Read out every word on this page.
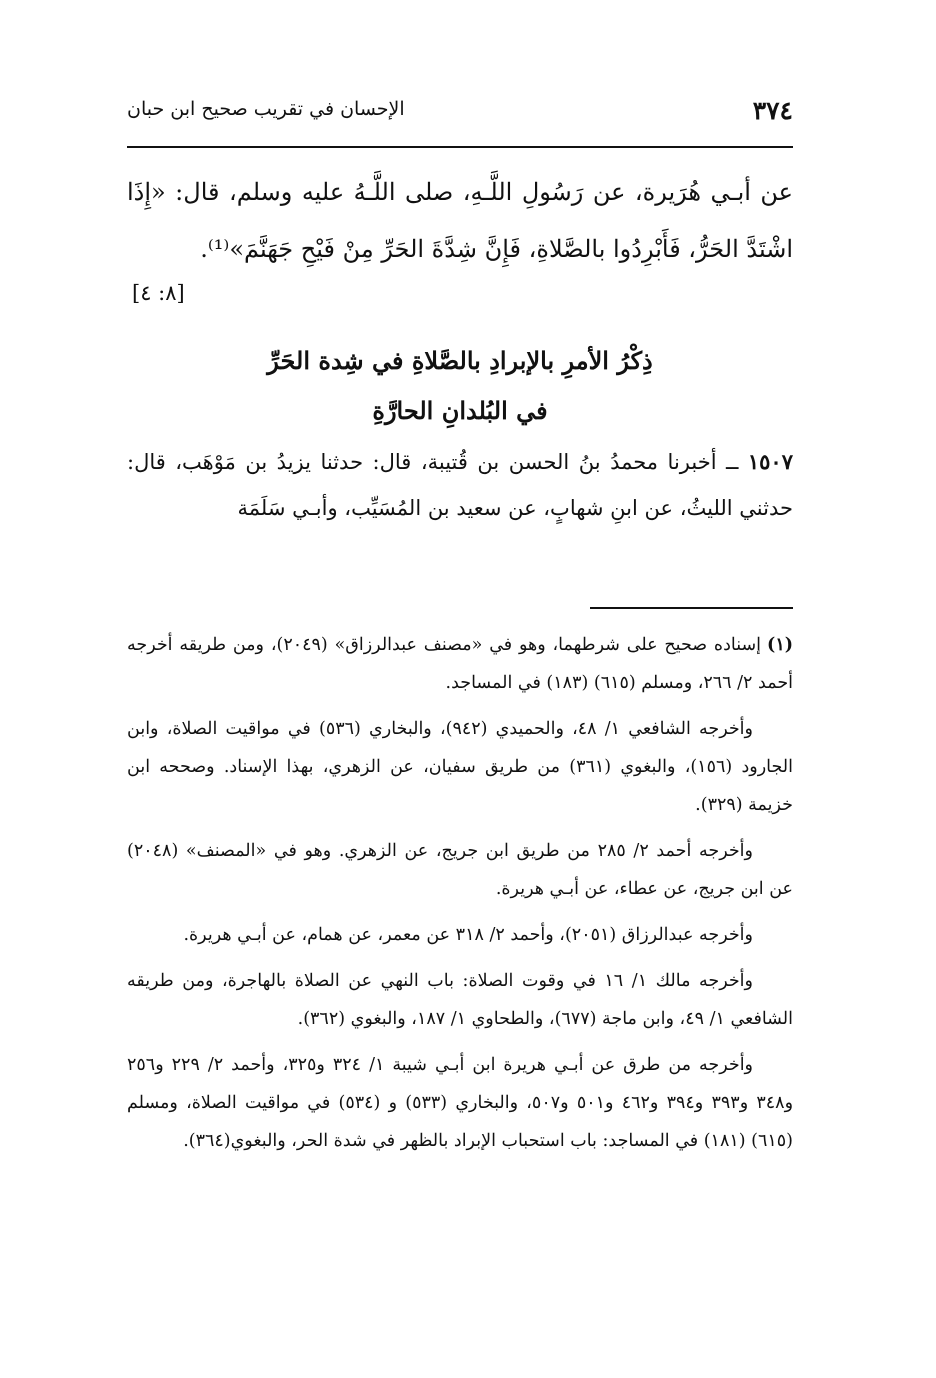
٣٧٤
الإحسان في تقريب صحيح ابن حبان
عن أبـي هُرَيرة، عن رَسُولِ اللَّـهِ، صلى اللَّـهُ عليه وسلم، قال: «إِذَا اشْتَدَّ الحَرُّ، فَأَبْرِدُوا بالصَّلاةِ، فَإِنَّ شِدَّةَ الحَرِّ مِنْ فَيْحِ جَهَنَّمَ»⁽¹⁾.
[٨: ٤]
ذِكْرُ الأمرِ بالإبرادِ بالصَّلاةِ في شِدة الحَرِّ
في البُلدانِ الحارَّةِ
١٥٠٧ ــ أخبرنا محمدُ بنُ الحسن بن قُتيبة، قال: حدثنا يزيدُ بن مَوْهَب، قال: حدثني الليثُ، عن ابنِ شهابٍ، عن سعيد بن المُسَيِّب، وأبـي سَلَمَة

(١)إسناده صحيح على شرطهما، وهو في «مصنف عبدالرزاق» (٢٠٤٩)، ومن طريقه أخرجه أحمد ٢/ ٢٦٦، ومسلم (٦١٥) (١٨٣) في المساجد.

وأخرجه الشافعي ١/ ٤٨، والحميدي (٩٤٢)، والبخاري (٥٣٦) في مواقيت الصلاة، وابن الجارود (١٥٦)، والبغوي (٣٦١) من طريق سفيان، عن الزهري، بهذا الإسناد. وصححه ابن خزيمة (٣٢٩).

وأخرجه أحمد ٢/ ٢٨٥ من طريق ابن جريج، عن الزهري. وهو في «المصنف» (٢٠٤٨) عن ابن جريج، عن عطاء، عن أبـي هريرة.

وأخرجه عبدالرزاق (٢٠٥١)، وأحمد ٢/ ٣١٨ عن معمر، عن همام، عن أبـي هريرة.

وأخرجه مالك ١/ ١٦ في وقوت الصلاة: باب النهي عن الصلاة بالهاجرة، ومن طريقه الشافعي ١/ ٤٩، وابن ماجة (٦٧٧)، والطحاوي ١/ ١٨٧، والبغوي (٣٦٢).

وأخرجه من طرق عن أبـي هريرة ابن أبـي شيبة ١/ ٣٢٤ و٣٢٥، وأحمد ٢/ ٢٢٩ و٢٥٦ و٣٤٨ و٣٩٣ و٣٩٤ و٤٦٢ و٥٠١ و٥٠٧، والبخاري (٥٣٣) و (٥٣٤) في مواقيت الصلاة، ومسلم (٦١٥) (١٨١) في المساجد: باب استحباب الإبراد بالظهر في شدة الحر، والبغوي(٣٦٤).
